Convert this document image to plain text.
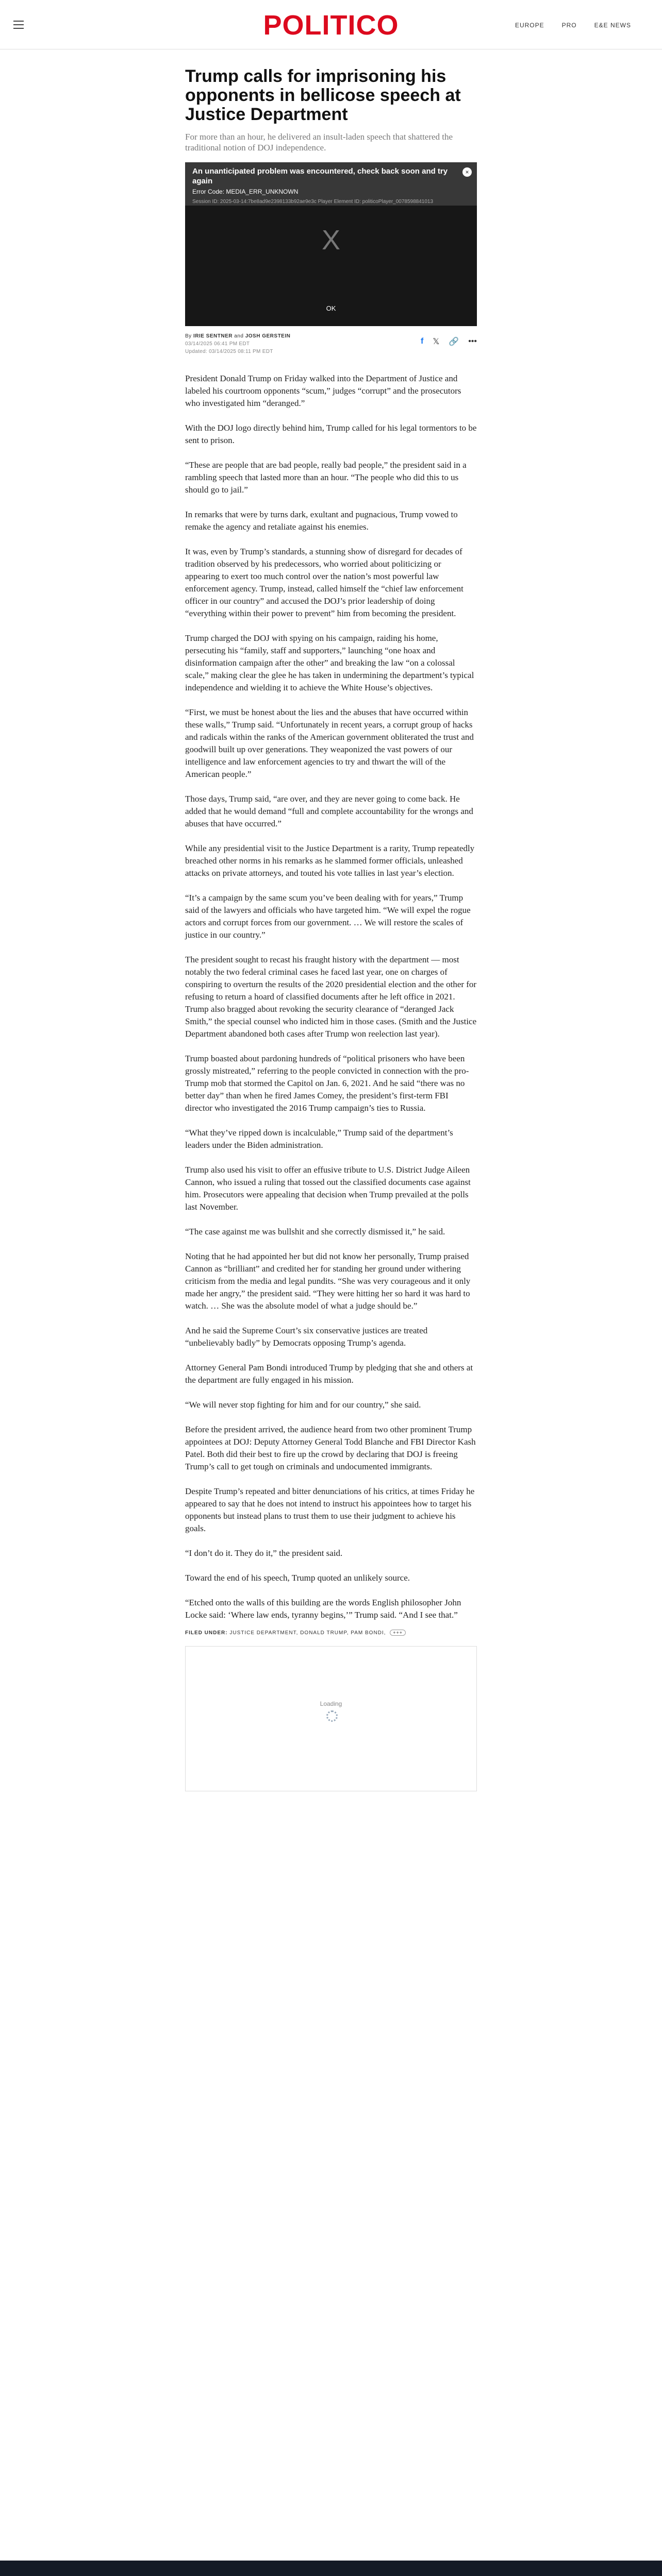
POLITICO	EUROPE	PRO	E&E NEWS
Trump calls for imprisoning his opponents in bellicose speech at Justice Department
For more than an hour, he delivered an insult-laden speech that shattered the traditional notion of DOJ independence.
An unanticipated problem was encountered, check back soon and try again
Error Code: MEDIA_ERR_UNKNOWN
Session ID: 2025-03-14:7be8ad9e2398133b92ae9e3c Player Element ID: politicoPlayer_0078598841013
×
X
OK
By IRIE SENTNER and JOSH GERSTEIN
03/14/2025 06:41 PM EDT
Updated: 03/14/2025 08:11 PM EDT
f 𝕏 🔗 •••

President Donald Trump on Friday walked into the Department of Justice and labeled his courtroom opponents “scum,” judges “corrupt” and the prosecutors who investigated him “deranged.”

With the DOJ logo directly behind him, Trump called for his legal tormentors to be sent to prison.

“These are people that are bad people, really bad people,” the president said in a rambling speech that lasted more than an hour. “The people who did this to us should go to jail.”

In remarks that were by turns dark, exultant and pugnacious, Trump vowed to remake the agency and retaliate against his enemies.

It was, even by Trump’s standards, a stunning show of disregard for decades of tradition observed by his predecessors, who worried about politicizing or appearing to exert too much control over the nation’s most powerful law enforcement agency. Trump, instead, called himself the “chief law enforcement officer in our country” and accused the DOJ’s prior leadership of doing “everything within their power to prevent” him from becoming the president.

Trump charged the DOJ with spying on his campaign, raiding his home, persecuting his “family, staff and supporters,” launching “one hoax and disinformation campaign after the other” and breaking the law “on a colossal scale,” making clear the glee he has taken in undermining the department’s typical independence and wielding it to achieve the White House’s objectives.

“First, we must be honest about the lies and the abuses that have occurred within these walls,” Trump said. “Unfortunately in recent years, a corrupt group of hacks and radicals within the ranks of the American government obliterated the trust and goodwill built up over generations. They weaponized the vast powers of our intelligence and law enforcement agencies to try and thwart the will of the American people.”

Those days, Trump said, “are over, and they are never going to come back. He added that he would demand “full and complete accountability for the wrongs and abuses that have occurred.”

While any presidential visit to the Justice Department is a rarity, Trump repeatedly breached other norms in his remarks as he slammed former officials, unleashed attacks on private attorneys, and touted his vote tallies in last year’s election.

“It’s a campaign by the same scum you’ve been dealing with for years,” Trump said of the lawyers and officials who have targeted him. “We will expel the rogue actors and corrupt forces from our government. … We will restore the scales of justice in our country.”

The president sought to recast his fraught history with the department — most notably the two federal criminal cases he faced last year, one on charges of conspiring to overturn the results of the 2020 presidential election and the other for refusing to return a hoard of classified documents after he left office in 2021. Trump also bragged about revoking the security clearance of “deranged Jack Smith,” the special counsel who indicted him in those cases. (Smith and the Justice Department abandoned both cases after Trump won reelection last year).

Trump boasted about pardoning hundreds of “political prisoners who have been grossly mistreated,” referring to the people convicted in connection with the pro-Trump mob that stormed the Capitol on Jan. 6, 2021. And he said “there was no better day” than when he fired James Comey, the president’s first-term FBI director who investigated the 2016 Trump campaign’s ties to Russia.

“What they’ve ripped down is incalculable,” Trump said of the department’s leaders under the Biden administration.

Trump also used his visit to offer an effusive tribute to U.S. District Judge Aileen Cannon, who issued a ruling that tossed out the classified documents case against him. Prosecutors were appealing that decision when Trump prevailed at the polls last November.

“The case against me was bullshit and she correctly dismissed it,” he said.

Noting that he had appointed her but did not know her personally, Trump praised Cannon as “brilliant” and credited her for standing her ground under withering criticism from the media and legal pundits. “She was very courageous and it only made her angry,” the president said. “They were hitting her so hard it was hard to watch. … She was the absolute model of what a judge should be.”

And he said the Supreme Court’s six conservative justices are treated “unbelievably badly” by Democrats opposing Trump’s agenda.

Attorney General Pam Bondi introduced Trump by pledging that she and others at the department are fully engaged in his mission.

“We will never stop fighting for him and for our country,” she said.

Before the president arrived, the audience heard from two other prominent Trump appointees at DOJ: Deputy Attorney General Todd Blanche and FBI Director Kash Patel. Both did their best to fire up the crowd by declaring that DOJ is freeing Trump’s call to get tough on criminals and undocumented immigrants.

Despite Trump’s repeated and bitter denunciations of his critics, at times Friday he appeared to say that he does not intend to instruct his appointees how to target his opponents but instead plans to trust them to use their judgment to achieve his goals.

“I don’t do it. They do it,” the president said.

Toward the end of his speech, Trump quoted an unlikely source.

“Etched onto the walls of this building are the words English philosopher John Locke said: ‘Where law ends, tyranny begins,’” Trump said. “And I see that.”

FILED UNDER: JUSTICE DEPARTMENT, DONALD TRUMP, PAM BONDI, +++
Loading
